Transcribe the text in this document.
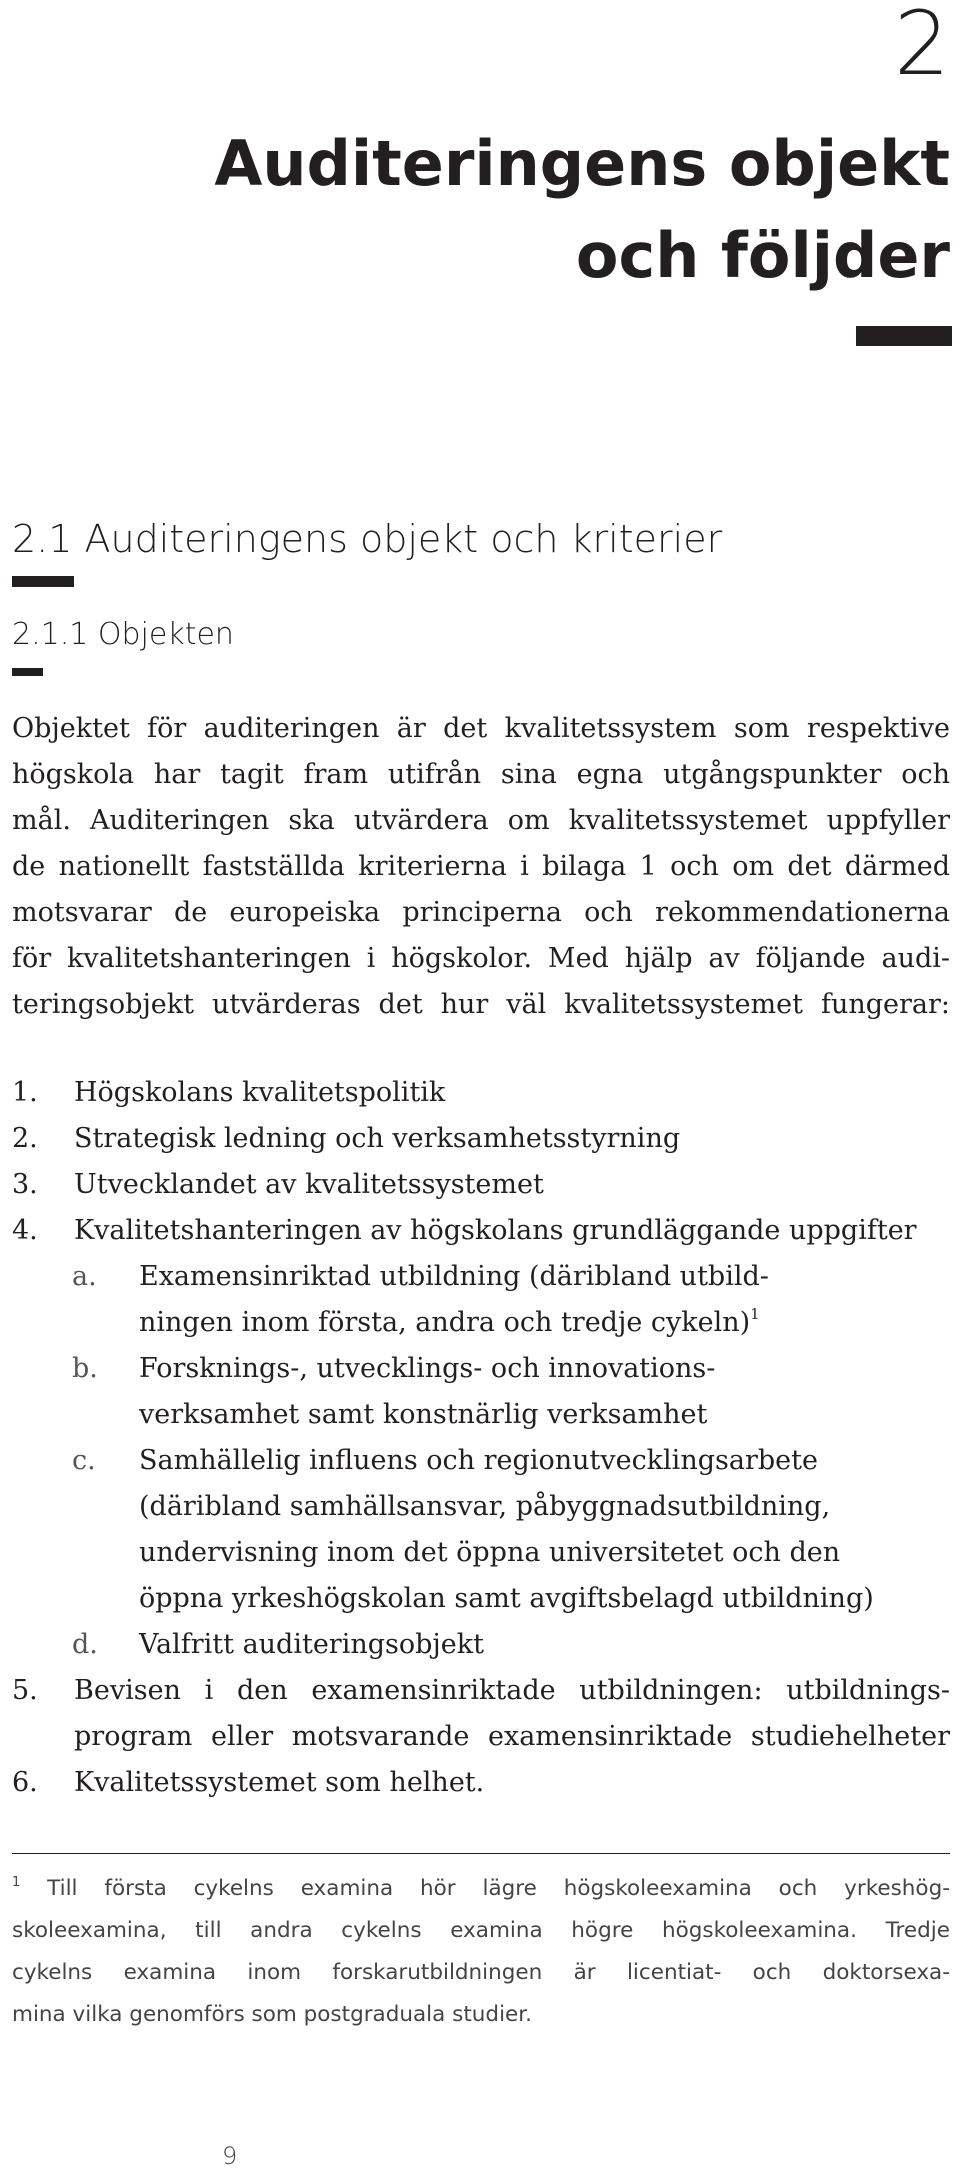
2
Auditeringens objekt
och följder
2.1 Auditeringens objekt och kriterier
2.1.1 Objekten
Objektet för auditeringen är det kvalitetssystem som respektive
högskola har tagit fram utifrån sina egna utgångspunkter och
mål. Auditeringen ska utvärdera om kvalitetssystemet uppfyller
de nationellt fastställda kriterierna i bilaga 1 och om det därmed
motsvarar de europeiska principerna och rekommendationerna
för kvalitetshanteringen i högskolor. Med hjälp av följande audi-
teringsobjekt utvärderas det hur väl kvalitetssystemet fungerar:
1. Högskolans kvalitetspolitik
2. Strategisk ledning och verksamhetsstyrning
3. Utvecklandet av kvalitetssystemet
4. Kvalitetshanteringen av högskolans grundläggande uppgifter
a. Examensinriktad utbildning (däribland utbild-
ningen inom första, andra och tredje cykeln)$^1$
b. Forsknings-, utvecklings- och innovations-
verksamhet samt konstnärlig verksamhet
c. Samhällelig influens och regionutvecklingsarbete
(däribland samhällsansvar, påbyggnadsutbildning,
undervisning inom det öppna universitetet och den
öppna yrkeshögskolan samt avgiftsbelagd utbildning)
d. Valfritt auditeringsobjekt
5. Bevisen i den examensinriktade utbildningen: utbildnings-
program eller motsvarande examensinriktade studiehelheter
6. Kvalitetssystemet som helhet.
$^1$ Till första cykelns examina hör lägre högskoleexamina och yrkeshög-
skoleexamina, till andra cykelns examina högre högskoleexamina. Tredje
cykelns examina inom forskarutbildningen är licentiat- och doktorsexa-
mina vilka genomförs som postgraduala studier.
9
